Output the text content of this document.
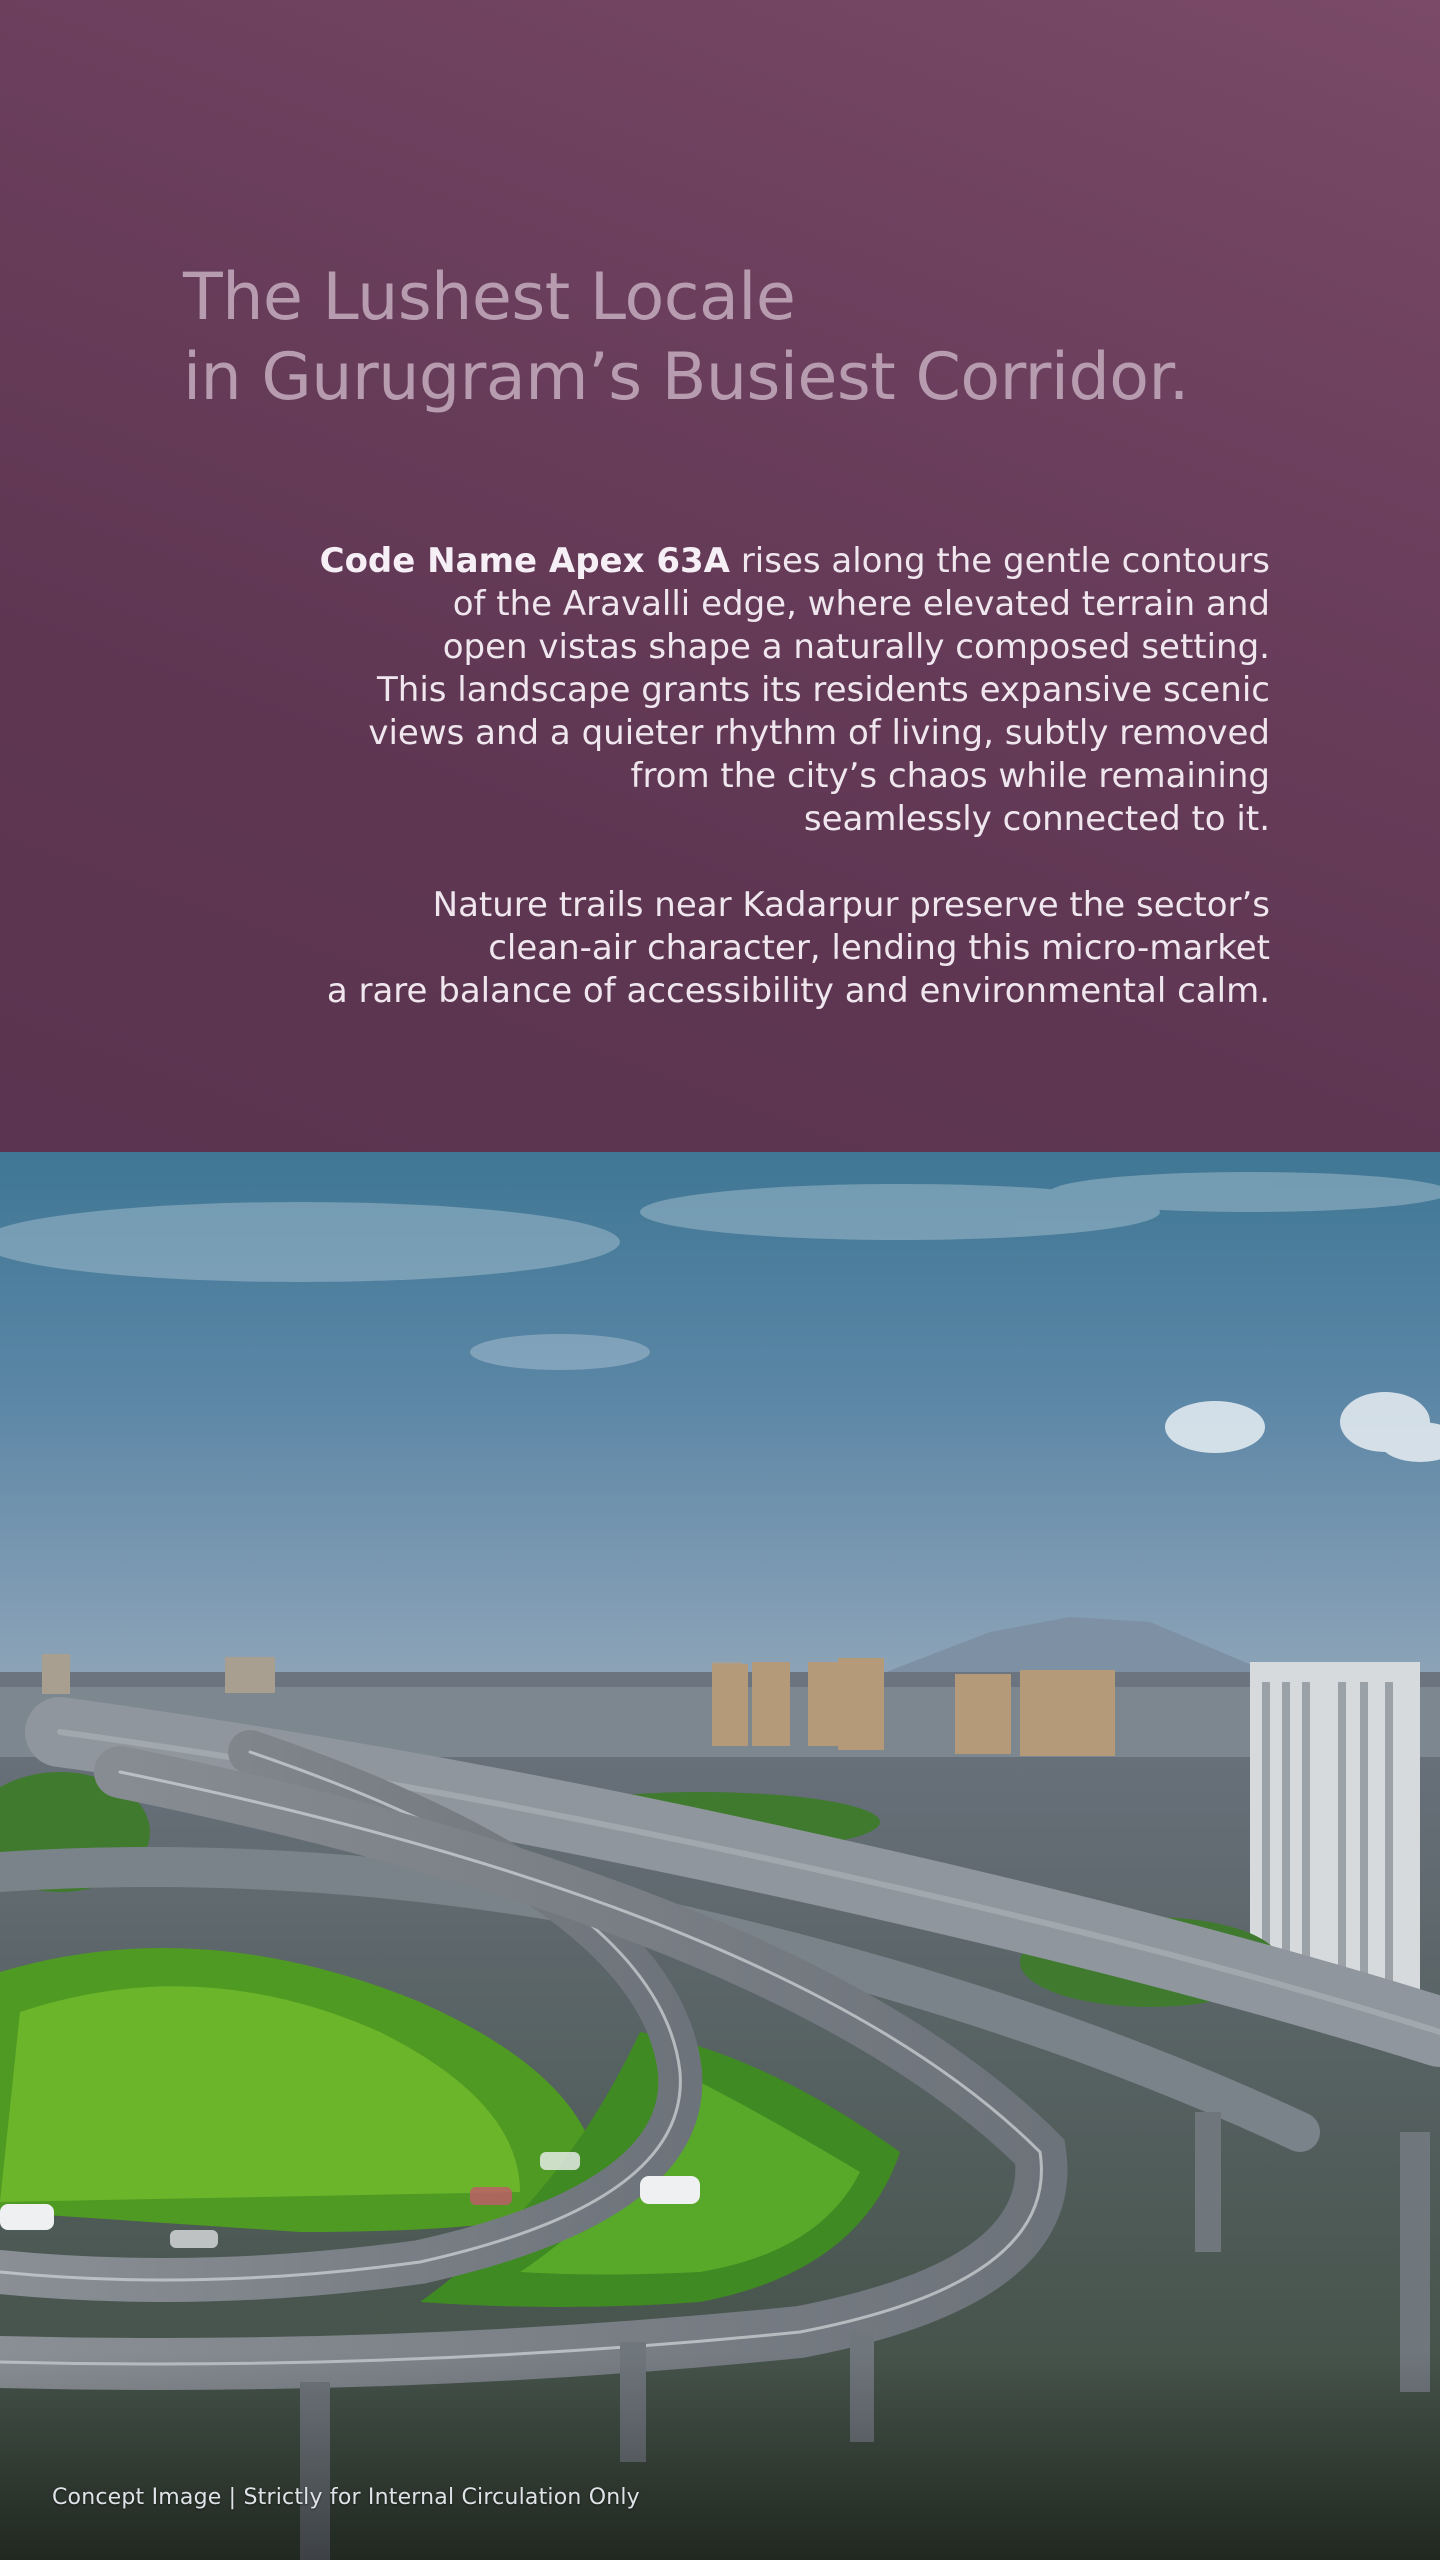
The Lushest Locale
in Gurugram’s Busiest Corridor.

Code Name Apex 63A rises along the gentle contours
of the Aravalli edge, where elevated terrain and
open vistas shape a naturally composed setting.
This landscape grants its residents expansive scenic
views and a quieter rhythm of living, subtly removed
from the city’s chaos while remaining
seamlessly connected to it.

Nature trails near Kadarpur preserve the sector’s
clean-air character, lending this micro-market
a rare balance of accessibility and environmental calm.

Concept Image | Strictly for Internal Circulation Only
